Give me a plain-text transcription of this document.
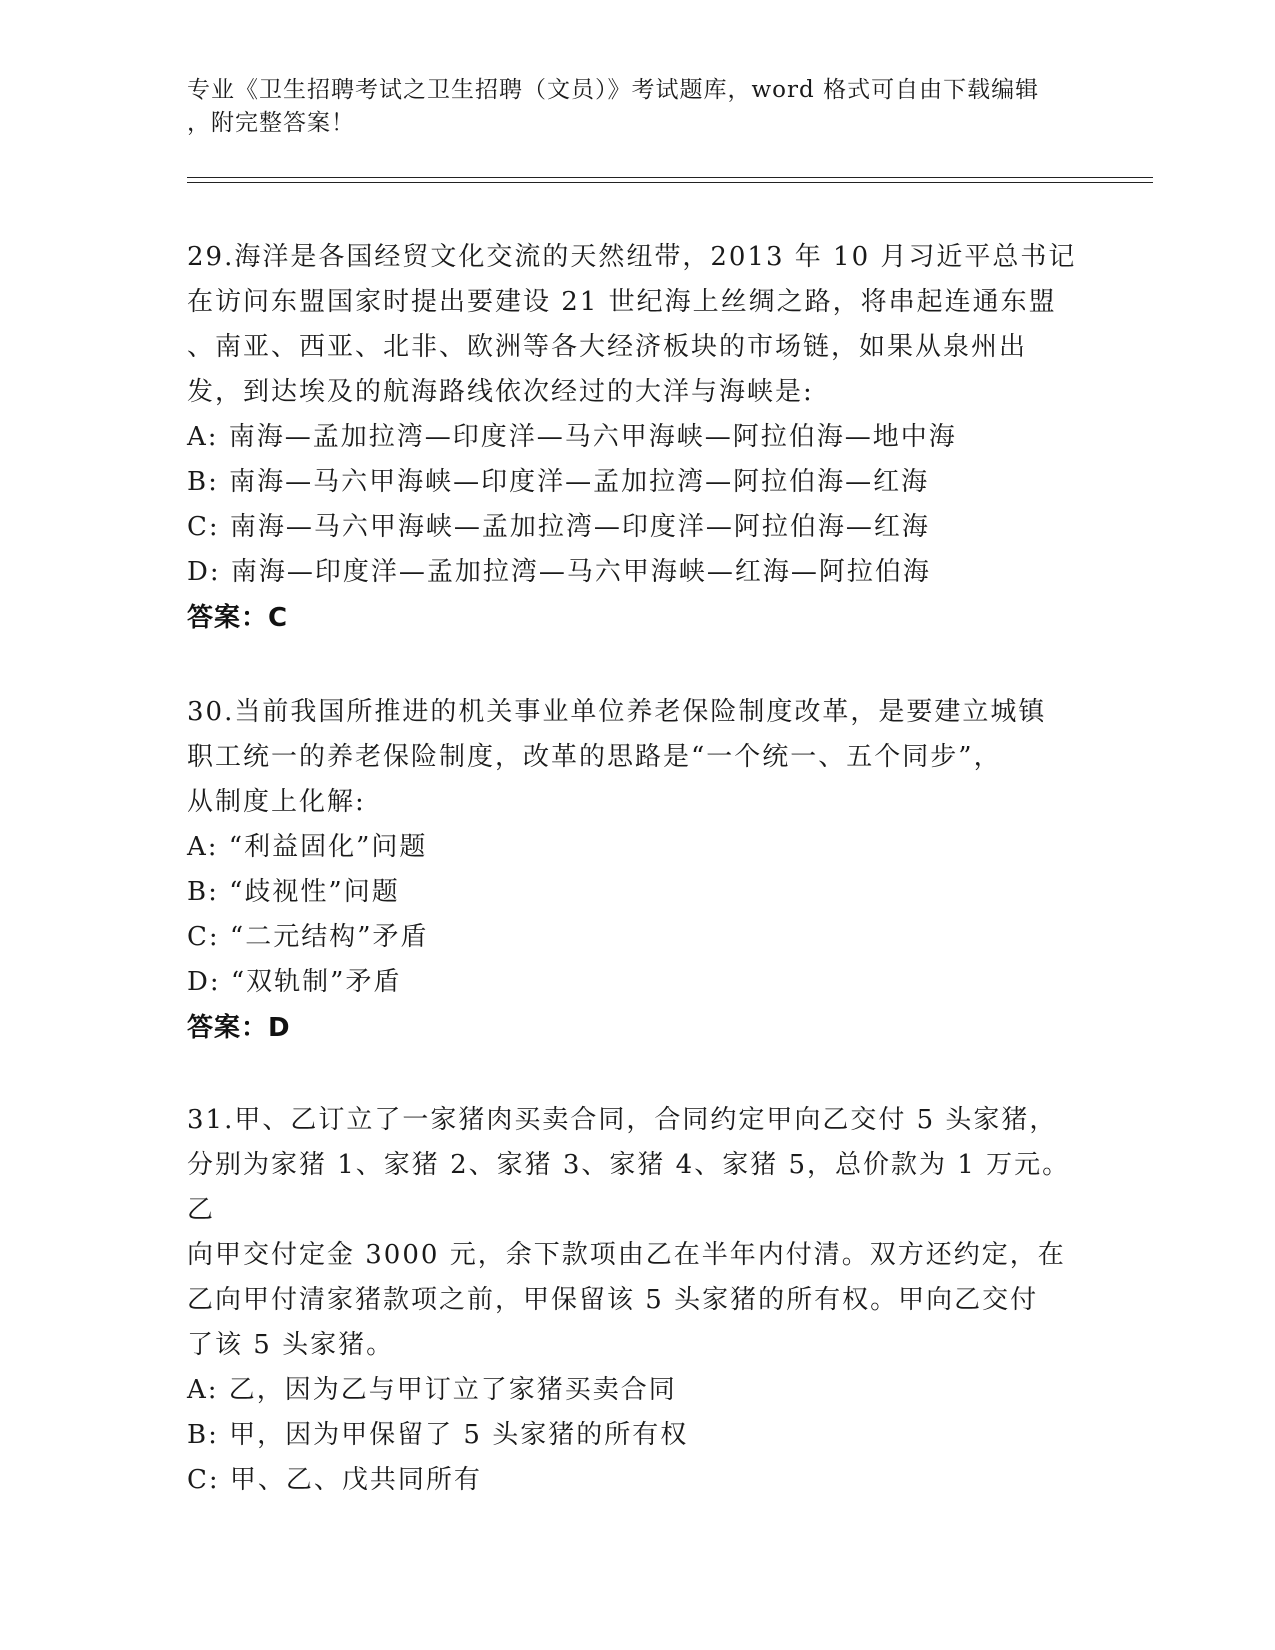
专业《卫生招聘考试之卫生招聘（文员）》考试题库，word 格式可自由下载编辑
，附完整答案！

29.海洋是各国经贸文化交流的天然纽带，2013 年 10 月习近平总书记

在访问东盟国家时提出要建设 21 世纪海上丝绸之路，将串起连通东盟

、南亚、西亚、北非、欧洲等各大经济板块的市场链，如果从泉州出

发，到达埃及的航海路线依次经过的大洋与海峡是:

A: 南海—孟加拉湾—印度洋—马六甲海峡—阿拉伯海—地中海

B: 南海—马六甲海峡—印度洋—孟加拉湾—阿拉伯海—红海

C: 南海—马六甲海峡—孟加拉湾—印度洋—阿拉伯海—红海

D: 南海—印度洋—孟加拉湾—马六甲海峡—红海—阿拉伯海

答案：C

30.当前我国所推进的机关事业单位养老保险制度改革，是要建立城镇

职工统一的养老保险制度，改革的思路是“一个统一、五个同步”，

从制度上化解:

A: “利益固化”问题

B: “歧视性”问题

C: “二元结构”矛盾

D: “双轨制”矛盾

答案：D

31.甲、乙订立了一家猪肉买卖合同，合同约定甲向乙交付 5 头家猪，

分别为家猪 1、家猪 2、家猪 3、家猪 4、家猪 5，总价款为 1 万元。乙

向甲交付定金 3000 元，余下款项由乙在半年内付清。双方还约定，在

乙向甲付清家猪款项之前，甲保留该 5 头家猪的所有权。甲向乙交付

了该 5 头家猪。

A: 乙，因为乙与甲订立了家猪买卖合同

B: 甲，因为甲保留了 5 头家猪的所有权

C: 甲、乙、戊共同所有
